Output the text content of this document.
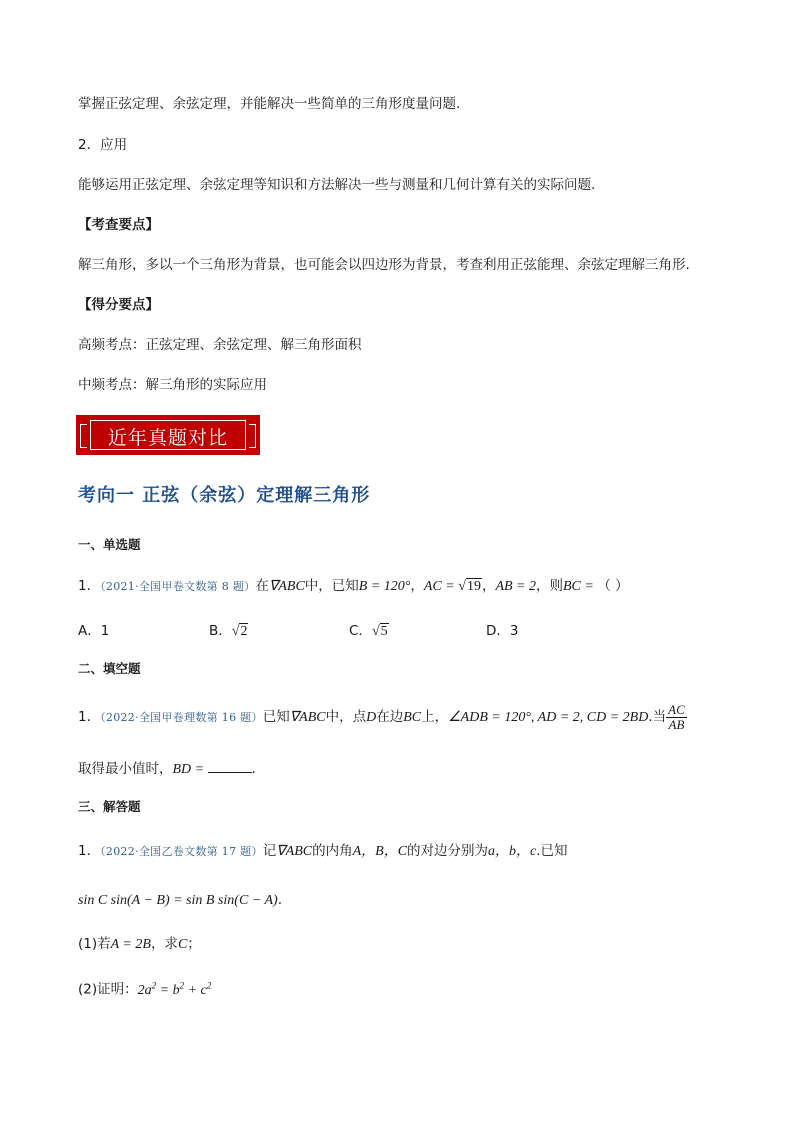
掌握正弦定理、余弦定理，并能解决一些简单的三角形度量问题.
2．应用
能够运用正弦定理、余弦定理等知识和方法解决一些与测量和几何计算有关的实际问题.
【考查要点】
解三角形，多以一个三角形为背景，也可能会以四边形为背景，考查利用正弦能理、余弦定理解三角形.
【得分要点】
高频考点：正弦定理、余弦定理、解三角形面积
中频考点：解三角形的实际应用
近年真题对比
考向一 正弦（余弦）定理解三角形
一、单选题
1．（2021·全国甲卷文数第 8 题）在∇ABC中，已知B = 120°，AC = √19，AB = 2，则BC = （ ）
A．1	B．√2	C．√5	D．3
二、填空题
1．（2022·全国甲卷理数第 16 题）已知∇ABC中，点D在边BC上，∠ADB = 120°, AD = 2, CD = 2BD.当 $\frac{AC}{AB}$
取得最小值时，BD =	.
三、解答题
1．（2022·全国乙卷文数第 17 题）记∇ABC的内角A，B，C的对边分别为a，b，c.已知
sin C sin(A − B) = sin B sin(C − A).
(1)若A = 2B，求C；
(2)证明：$2a^2 = b^2 + c^2$
